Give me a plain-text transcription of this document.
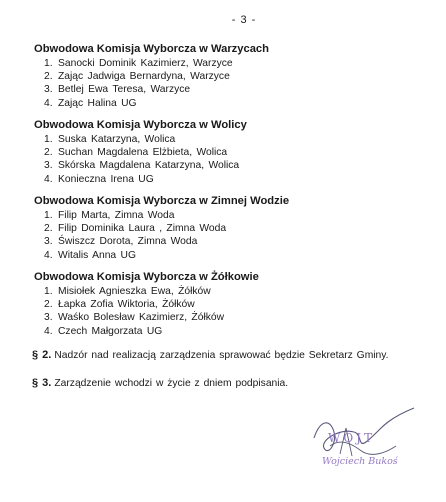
- 3 -
Obwodowa Komisja Wyborcza w Warzycach
1. Sanocki Dominik Kazimierz, Warzyce
2. Zając Jadwiga Bernardyna, Warzyce
3. Betlej Ewa Teresa, Warzyce
4. Zając Halina UG
Obwodowa Komisja Wyborcza w Wolicy
1. Suska Katarzyna, Wolica
2. Suchan Magdalena Elżbieta, Wolica
3. Skórska Magdalena Katarzyna, Wolica
4. Konieczna Irena UG
Obwodowa Komisja Wyborcza w Zimnej Wodzie
1. Filip Marta, Zimna Woda
2. Filip Dominika Laura , Zimna Woda
3. Świszcz Dorota, Zimna Woda
4. Witalis Anna UG
Obwodowa Komisja Wyborcza w Żółkowie
1. Misiołek Agnieszka Ewa, Żółków
2. Łapka Zofia Wiktoria, Żółków
3. Waśko Bolesław Kazimierz, Żółków
4. Czech Małgorzata UG
§ 2. Nadzór nad realizacją zarządzenia sprawować będzie Sekretarz Gminy.
§ 3. Zarządzenie wchodzi w życie z dniem podpisania.
WÓJT
Wojciech Bukoś
